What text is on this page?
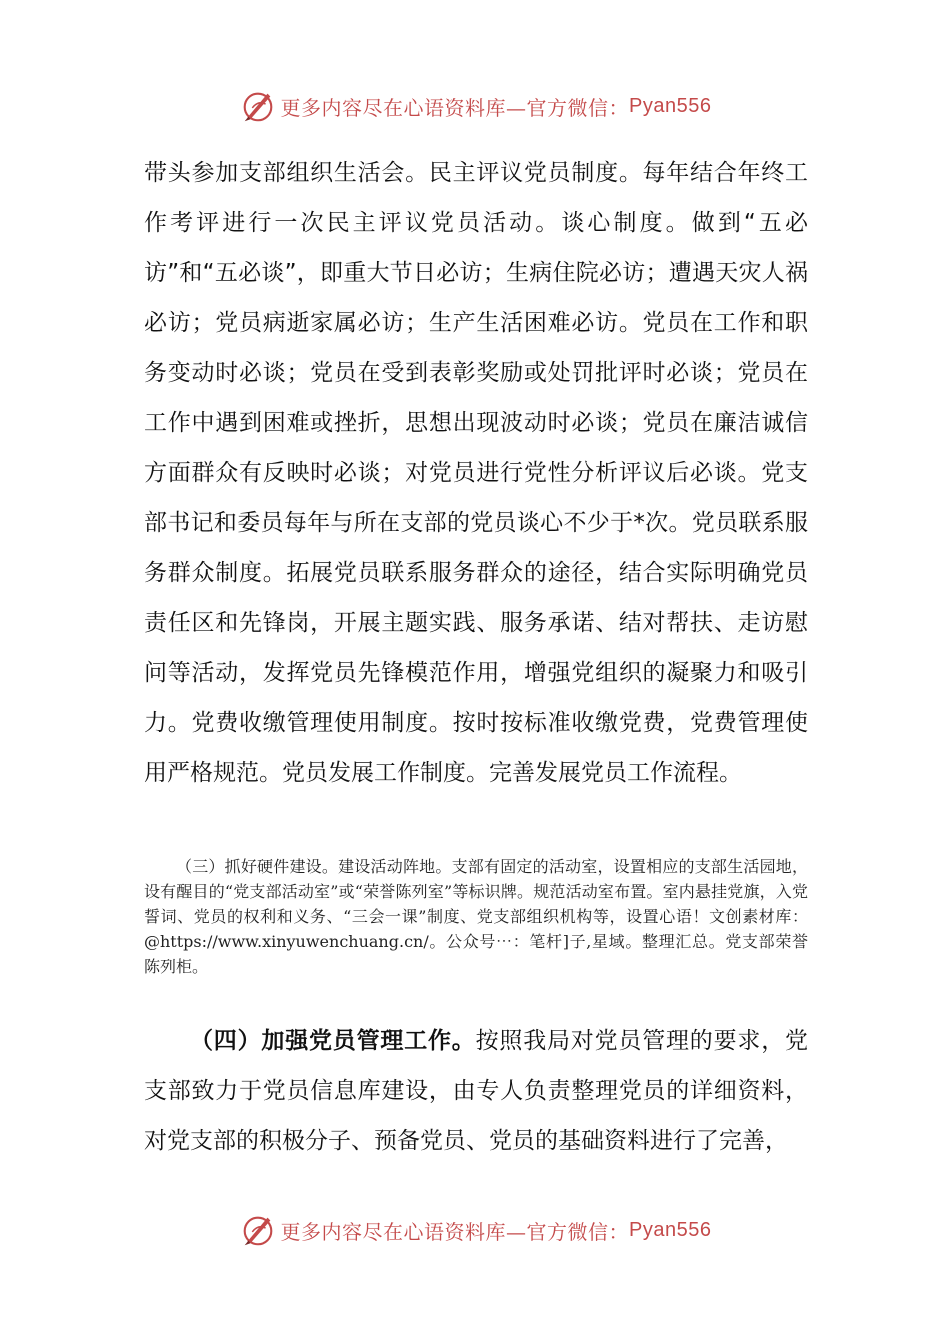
更多内容尽在心语资料库— 官方微信： Pyan556

带头参加支部组织生活会。民主评议党员制度。每年结合年终工作考评进行一次民主评议党员活动。谈心制度。做到“五必访”和“五必谈”，即重大节日必访；生病住院必访；遭遇天灾人祸必访；党员病逝家属必访；生产生活困难必访。党员在工作和职务变动时必谈；党员在受到表彰奖励或处罚批评时必谈；党员在工作中遇到困难或挫折，思想出现波动时必谈；党员在廉洁诚信方面群众有反映时必谈；对党员进行党性分析评议后必谈。党支部书记和委员每年与所在支部的党员谈心不少于*次。党员联系服务群众制度。拓展党员联系服务群众的途径，结合实际明确党员责任区和先锋岗，开展主题实践、服务承诺、结对帮扶、走访慰问等活动，发挥党员先锋模范作用，增强党组织的凝聚力和吸引力。党费收缴管理使用制度。按时按标准收缴党费，党费管理使用严格规范。党员发展工作制度。完善发展党员工作流程。

（三）抓好硬件建设。建设活动阵地。支部有固定的活动室，设置相应的支部生活园地，设有醒目的“党支部活动室”或“荣誉陈列室”等标识牌。规范活动室布置。室内悬挂党旗，入党誓词、党员的权利和义务、“三会一课”制度、党支部组织机构等，设置心语！文创素材库：@https://www.xinyuwenchuang.cn/。公众号⋯：笔杆]子,星域。整理汇总。党支部荣誉陈列柜。

（四）加强党员管理工作。按照我局对党员管理的要求，党支部致力于党员信息库建设，由专人负责整理党员的详细资料，对党支部的积极分子、预备党员、党员的基础资料进行了完善，

更多内容尽在心语资料库— 官方微信： Pyan556
